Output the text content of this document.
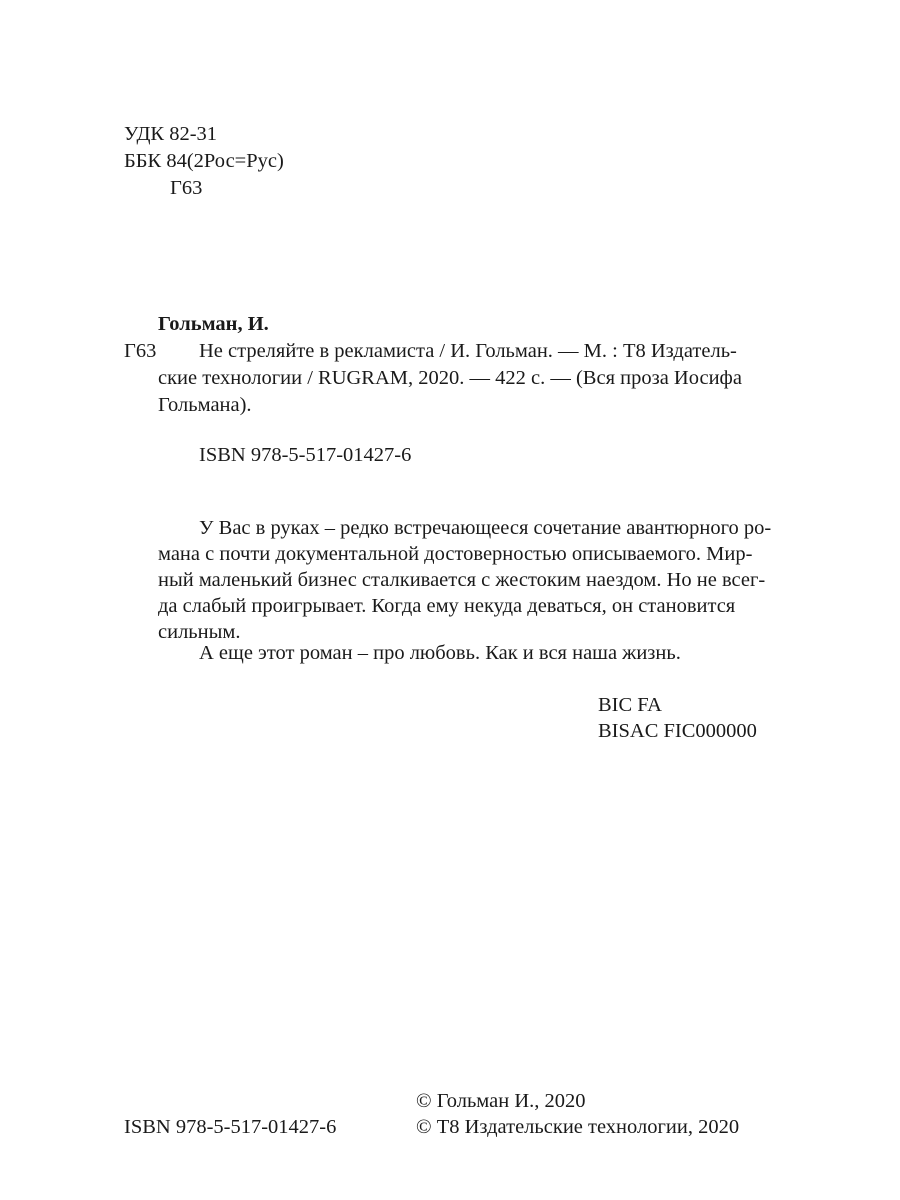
УДК 82-31
ББК 84(2Рос=Рус)
Г63
Гольман, И.
Г63 Не стреляйте в рекламиста / И. Гольман. — М. : Т8 Издатель-
ские технологии / RUGRAM, 2020. — 422 с. — (Вся проза Иосифа
Гольмана).
ISBN 978-5-517-01427-6
У Вас в руках – редко встречающееся сочетание авантюрного ро-
мана с почти документальной достоверностью описываемого. Мир-
ный маленький бизнес сталкивается с жестоким наездом. Но не всег-
да слабый проигрывает. Когда ему некуда деваться, он становится
сильным.
А еще этот роман – про любовь. Как и вся наша жизнь.
BIC FA
BISAC FIC000000
ISBN 978-5-517-01427-6
© Гольман И., 2020
© Т8 Издательские технологии, 2020
